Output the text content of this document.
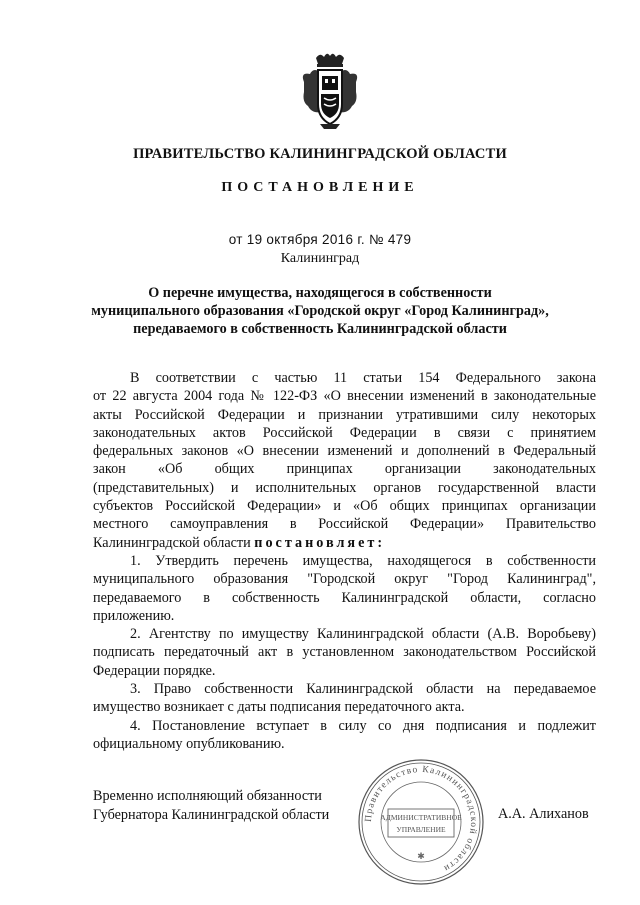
ПРАВИТЕЛЬСТВО КАЛИНИНГРАДСКОЙ ОБЛАСТИ
ПОСТАНОВЛЕНИЕ
от 19 октября 2016 г. № 479
Калининград
О перечне имущества, находящегося в собственности
муниципального образования «Городской округ «Город Калининград»,
передаваемого в собственность Калининградской области
В соответствии с частью 11 статьи 154 Федерального закона
от 22 августа 2004 года № 122-ФЗ «О внесении изменений в законодательные
акты Российской Федерации и признании утратившими силу некоторых
законодательных актов Российской Федерации в связи с принятием
федеральных законов «О внесении изменений и дополнений в Федеральный
закон «Об общих принципах организации законодательных
(представительных) и исполнительных органов государственной власти
субъектов Российской Федерации» и «Об общих принципах организации
местного самоуправления в Российской Федерации» Правительство
Калининградской области постановляет:
1. Утвердить перечень имущества, находящегося в собственности
муниципального образования "Городской округ "Город Калининград",
передаваемого в собственность Калининградской области, согласно
приложению.
2. Агентству по имуществу Калининградской области (А.В. Воробьеву)
подписать передаточный акт в установленном законодательством Российской
Федерации порядке.
3. Право собственности Калининградской области на передаваемое
имущество возникает с даты подписания передаточного акта.
4. Постановление вступает в силу со дня подписания и подлежит
официальному опубликованию.
Временно исполняющий обязанности
Губернатора Калининградской области	Правительство Калининградской области
АДМИНИСТРАТИВНОЕ
УПРАВЛЕНИЕ
✱
А.А. Алиханов
